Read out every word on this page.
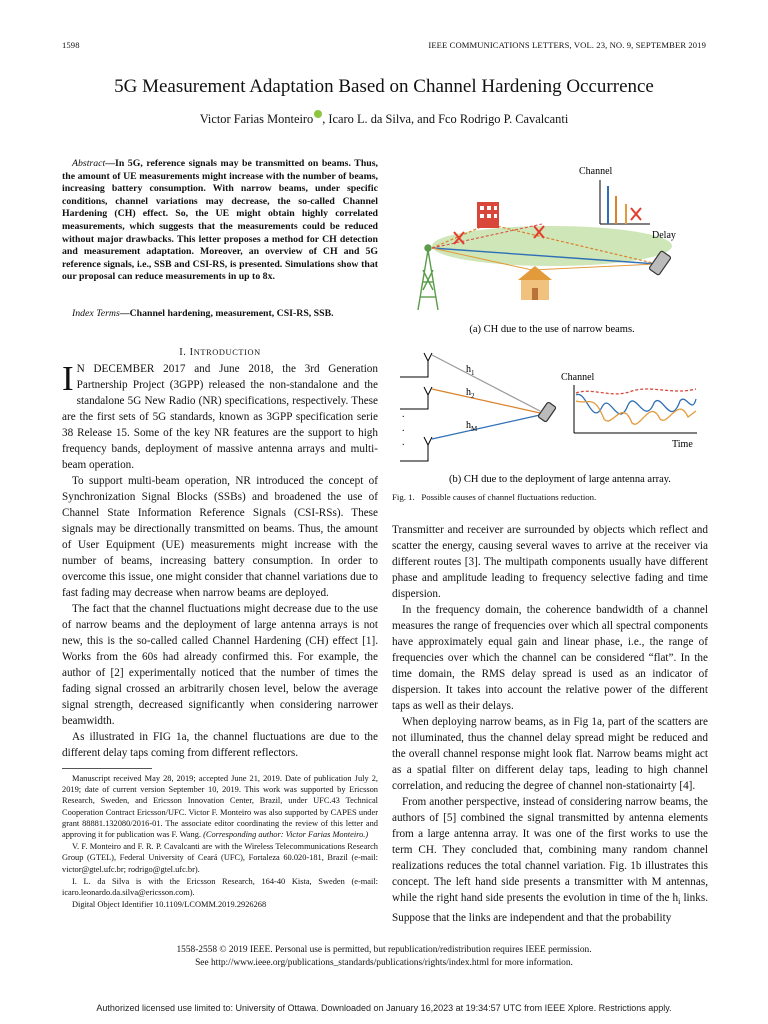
1598	IEEE COMMUNICATIONS LETTERS, VOL. 23, NO. 9, SEPTEMBER 2019
5G Measurement Adaptation Based on Channel Hardening Occurrence
Victor Farias Monteiro , Icaro L. da Silva, and Fco Rodrigo P. Cavalcanti
Abstract—In 5G, reference signals may be transmitted on beams. Thus, the amount of UE measurements might increase with the number of beams, increasing battery consumption. With narrow beams, under specific conditions, channel variations may decrease, the so-called Channel Hardening (CH) effect. So, the UE might obtain highly correlated measurements, which suggests that the measurements could be reduced without major drawbacks. This letter proposes a method for CH detection and measurement adaptation. Moreover, an overview of CH and 5G reference signals, i.e., SSB and CSI-RS, is presented. Simulations show that our proposal can reduce measurements in up to 8x.
Index Terms—Channel hardening, measurement, CSI-RS, SSB.
I. INTRODUCTION

I N DECEMBER 2017 and June 2018, the 3rd Generation Partnership Project (3GPP) released the non-standalone and the standalone 5G New Radio (NR) specifications, respectively. These are the first sets of 5G standards, known as 3GPP specification serie 38 Release 15. Some of the key NR features are the support to high frequency bands, deployment of massive antenna arrays and multi-beam operation.

To support multi-beam operation, NR introduced the concept of Synchronization Signal Blocks (SSBs) and broadened the use of Channel State Information Reference Signals (CSI-RSs). These signals may be directionally transmitted on beams. Thus, the amount of User Equipment (UE) measurements might increase with the number of beams, increasing battery consumption. In order to overcome this issue, one might consider that channel variations due to fast fading may decrease when narrow beams are deployed.

The fact that the channel fluctuations might decrease due to the use of narrow beams and the deployment of large antenna arrays is not new, this is the so-called called Channel Hardening (CH) effect [1]. Works from the 60s had already confirmed this. For example, the author of [2] experimentally noticed that the number of times the fading signal crossed an arbitrarily chosen level, below the average signal strength, decreased significantly when considering narrower beamwidth.

As illustrated in FIG 1a, the channel fluctuations are due to the different delay taps coming from different reflectors.

Manuscript received May 28, 2019; accepted June 21, 2019. Date of publication July 2, 2019; date of current version September 10, 2019. This work was supported by Ericsson Research, Sweden, and Ericsson Innovation Center, Brazil, under UFC.43 Technical Cooperation Contract Ericsson/UFC. Victor F. Monteiro was also supported by CAPES under grant 88881.132080/2016-01. The associate editor coordinating the review of this letter and approving it for publication was F. Wang. (Corresponding author: Victor Farias Monteiro.)

V. F. Monteiro and F. R. P. Cavalcanti are with the Wireless Telecommunications Research Group (GTEL), Federal University of Ceará (UFC), Fortaleza 60.020-181, Brazil (e-mail: victor@gtel.ufc.br; rodrigo@gtel.ufc.br).

I. L. da Silva is with the Ericsson Research, 164-40 Kista, Sweden (e-mail: icaro.leonardo.da.silva@ericsson.com).

Digital Object Identifier 10.1109/LCOMM.2019.2926268

Channel
Delay
(a) CH due to the use of narrow beams.
.
.
.
$h_1$
$h_2$
$h_M$
Channel
Time
(b) CH due to the deployment of large antenna array.
Fig. 1. Possible causes of channel fluctuations reduction.

Transmitter and receiver are surrounded by objects which reflect and scatter the energy, causing several waves to arrive at the receiver via different routes [3]. The multipath components usually have different phase and amplitude leading to frequency selective fading and time dispersion.

In the frequency domain, the coherence bandwidth of a channel measures the range of frequencies over which all spectral components have approximately equal gain and linear phase, i.e., the range of frequencies over which the channel can be considered “flat”. In the time domain, the RMS delay spread is used as an indicator of dispersion. It takes into account the relative power of the different taps as well as their delays.

When deploying narrow beams, as in Fig 1a, part of the scatters are not illuminated, thus the channel delay spread might be reduced and the overall channel response might look flat. Narrow beams might act as a spatial filter on different delay taps, leading to high channel correlation, and reducing the degree of channel non-stationairty [4].

From another perspective, instead of considering narrow beams, the authors of [5] combined the signal transmitted by antenna elements from a large antenna array. It was one of the first works to use the term CH. They concluded that, combining many random channel realizations reduces the total channel variation. Fig. 1b illustrates this concept. The left hand side presents a transmitter with M antennas, while the right hand side presents the evolution in time of the $h_i$ links. Suppose that the links are independent and that the probability

1558-2558 © 2019 IEEE. Personal use is permitted, but republication/redistribution requires IEEE permission.
See http://www.ieee.org/publications_standards/publications/rights/index.html for more information.
Authorized licensed use limited to: University of Ottawa. Downloaded on January 16,2023 at 19:34:57 UTC from IEEE Xplore. Restrictions apply.
